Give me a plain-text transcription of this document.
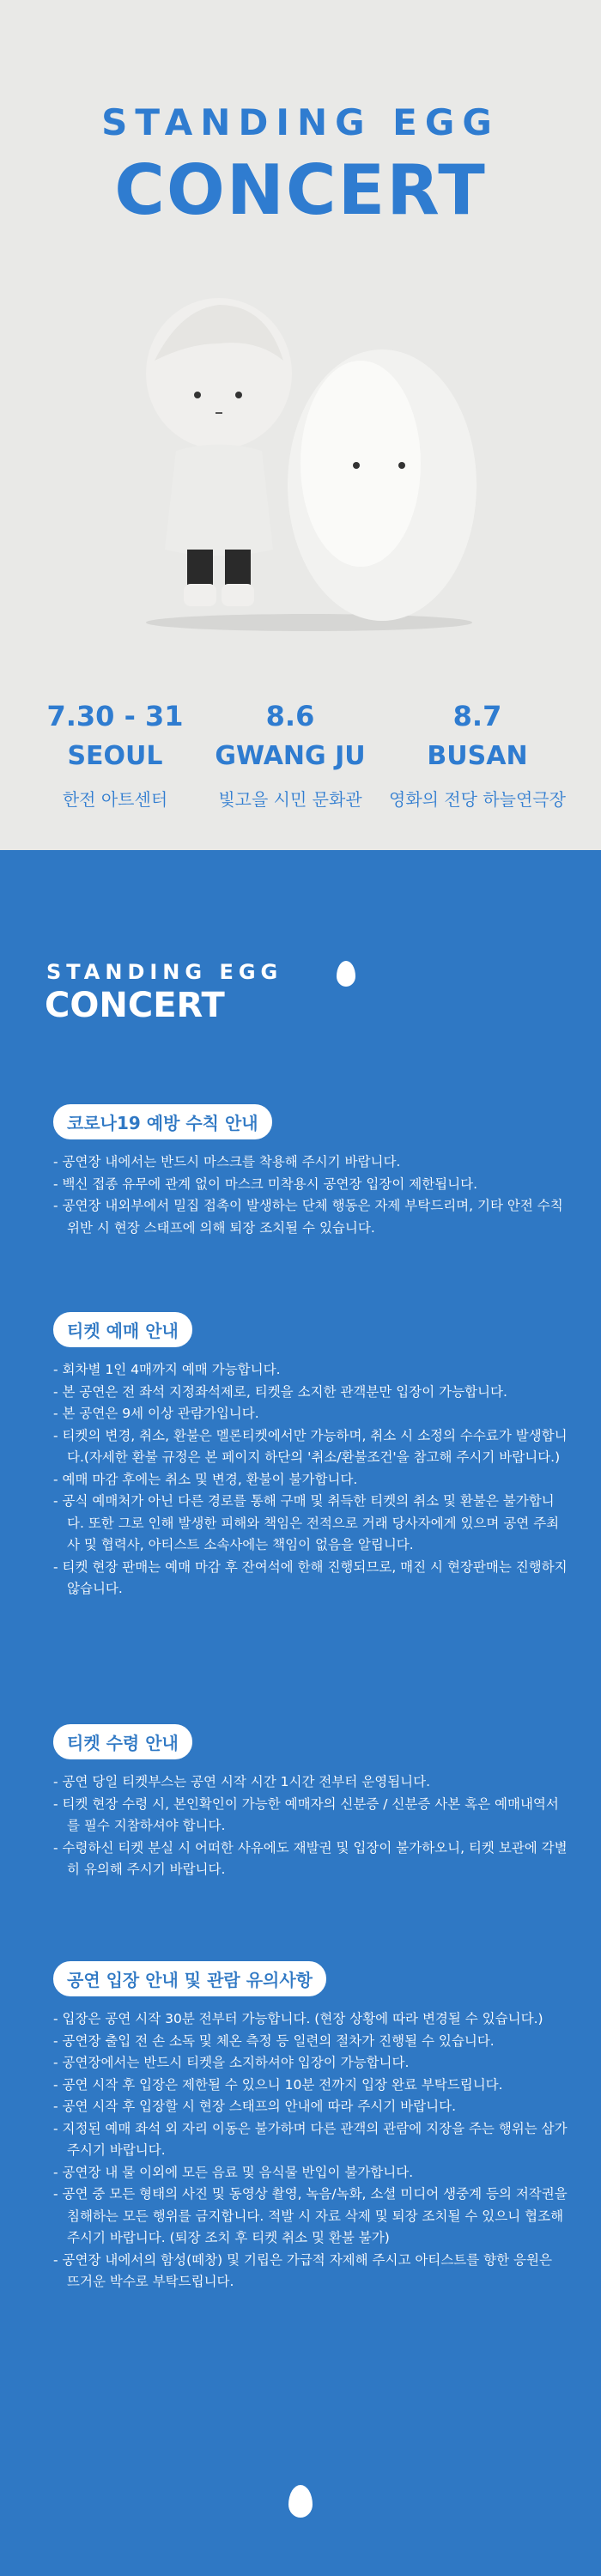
STANDING EGG
CONCERT
7.30 - 31
SEOUL
한전 아트센터
8.6
GWANG JU
빛고을 시민 문화관
8.7
BUSAN
영화의 전당 하늘연극장
STANDING EGG
CONCERT
코로나19 예방 수칙 안내
- 공연장 내에서는 반드시 마스크를 착용해 주시기 바랍니다.
- 백신 접종 유무에 관계 없이 마스크 미착용시 공연장 입장이 제한됩니다.
- 공연장 내외부에서 밀집 접촉이 발생하는 단체 행동은 자제 부탁드리며, 기타 안전 수칙 위반 시 현장 스태프에 의해 퇴장 조치될 수 있습니다.
티켓 예매 안내
- 회차별 1인 4매까지 예매 가능합니다.
- 본 공연은 전 좌석 지정좌석제로, 티켓을 소지한 관객분만 입장이 가능합니다.
- 본 공연은 9세 이상 관람가입니다.
- 티켓의 변경, 취소, 환불은 멜론티켓에서만 가능하며, 취소 시 소정의 수수료가 발생합니다.(자세한 환불 규정은 본 페이지 하단의 '취소/환불조건'을 참고해 주시기 바랍니다.)
- 예매 마감 후에는 취소 및 변경, 환불이 불가합니다.
- 공식 예매처가 아닌 다른 경로를 통해 구매 및 취득한 티켓의 취소 및 환불은 불가합니다. 또한 그로 인해 발생한 피해와 책임은 전적으로 거래 당사자에게 있으며 공연 주최사 및 협력사, 아티스트 소속사에는 책임이 없음을 알립니다.
- 티켓 현장 판매는 예매 마감 후 잔여석에 한해 진행되므로, 매진 시 현장판매는 진행하지 않습니다.
티켓 수령 안내
- 공연 당일 티켓부스는 공연 시작 시간 1시간 전부터 운영됩니다.
- 티켓 현장 수령 시, 본인확인이 가능한 예매자의 신분증 / 신분증 사본 혹은 예매내역서를 필수 지참하셔야 합니다.
- 수령하신 티켓 분실 시 어떠한 사유에도 재발권 및 입장이 불가하오니, 티켓 보관에 각별히 유의해 주시기 바랍니다.
공연 입장 안내 및 관람 유의사항
- 입장은 공연 시작 30분 전부터 가능합니다. (현장 상황에 따라 변경될 수 있습니다.)
- 공연장 출입 전 손 소독 및 체온 측정 등 일련의 절차가 진행될 수 있습니다.
- 공연장에서는 반드시 티켓을 소지하셔야 입장이 가능합니다.
- 공연 시작 후 입장은 제한될 수 있으니 10분 전까지 입장 완료 부탁드립니다.
- 공연 시작 후 입장할 시 현장 스태프의 안내에 따라 주시기 바랍니다.
- 지정된 예매 좌석 외 자리 이동은 불가하며 다른 관객의 관람에 지장을 주는 행위는 삼가 주시기 바랍니다.
- 공연장 내 물 이외에 모든 음료 및 음식물 반입이 불가합니다.
- 공연 중 모든 형태의 사진 및 동영상 촬영, 녹음/녹화, 소셜 미디어 생중계 등의 저작권을 침해하는 모든 행위를 금지합니다. 적발 시 자료 삭제 및 퇴장 조치될 수 있으니 협조해 주시기 바랍니다. (퇴장 조치 후 티켓 취소 및 환불 불가)
- 공연장 내에서의 함성(떼창) 및 기립은 가급적 자제해 주시고 아티스트를 향한 응원은 뜨거운 박수로 부탁드립니다.
